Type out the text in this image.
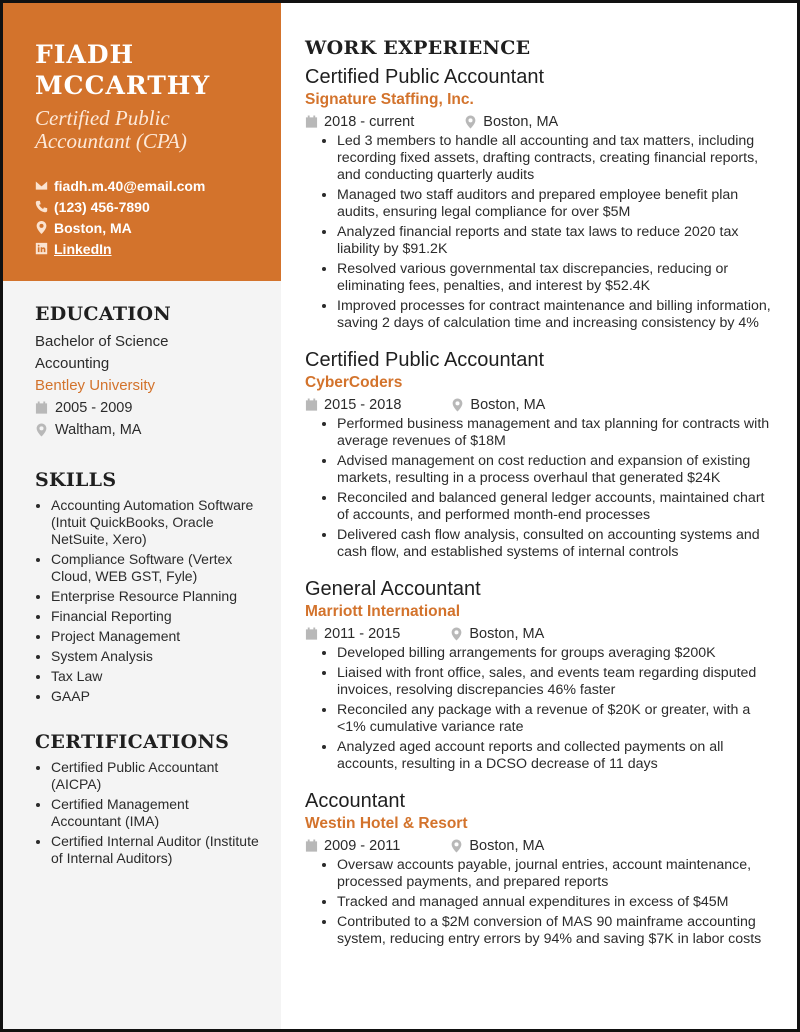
FIADH
MCCARTHY
Certified Public Accountant (CPA)
fiadh.m.40@email.com
(123) 456-7890
Boston, MA
LinkedIn
EDUCATION
Bachelor of Science
Accounting
Bentley University
2005 - 2009
Waltham, MA
SKILLS
• Accounting Automation Software (Intuit QuickBooks, Oracle NetSuite, Xero)
• Compliance Software (Vertex Cloud, WEB GST, Fyle)
• Enterprise Resource Planning
• Financial Reporting
• Project Management
• System Analysis
• Tax Law
• GAAP
CERTIFICATIONS
• Certified Public Accountant (AICPA)
• Certified Management Accountant (IMA)
• Certified Internal Auditor (Institute of Internal Auditors)
WORK EXPERIENCE
Certified Public Accountant
Signature Staffing, Inc.
2018 - current	Boston, MA
• Led 3 members to handle all accounting and tax matters, including recording fixed assets, drafting contracts, creating financial reports, and conducting quarterly audits
• Managed two staff auditors and prepared employee benefit plan audits, ensuring legal compliance for over $5M
• Analyzed financial reports and state tax laws to reduce 2020 tax liability by $91.2K
• Resolved various governmental tax discrepancies, reducing or eliminating fees, penalties, and interest by $52.4K
• Improved processes for contract maintenance and billing information, saving 2 days of calculation time and increasing consistency by 4%
Certified Public Accountant
CyberCoders
2015 - 2018	Boston, MA
• Performed business management and tax planning for contracts with average revenues of $18M
• Advised management on cost reduction and expansion of existing markets, resulting in a process overhaul that generated $24K
• Reconciled and balanced general ledger accounts, maintained chart of accounts, and performed month-end processes
• Delivered cash flow analysis, consulted on accounting systems and cash flow, and established systems of internal controls
General Accountant
Marriott International
2011 - 2015	Boston, MA
• Developed billing arrangements for groups averaging $200K
• Liaised with front office, sales, and events team regarding disputed invoices, resolving discrepancies 46% faster
• Reconciled any package with a revenue of $20K or greater, with a <1% cumulative variance rate
• Analyzed aged account reports and collected payments on all accounts, resulting in a DCSO decrease of 11 days
Accountant
Westin Hotel & Resort
2009 - 2011	Boston, MA
• Oversaw accounts payable, journal entries, account maintenance, processed payments, and prepared reports
• Tracked and managed annual expenditures in excess of $45M
• Contributed to a $2M conversion of MAS 90 mainframe accounting system, reducing entry errors by 94% and saving $7K in labor costs
